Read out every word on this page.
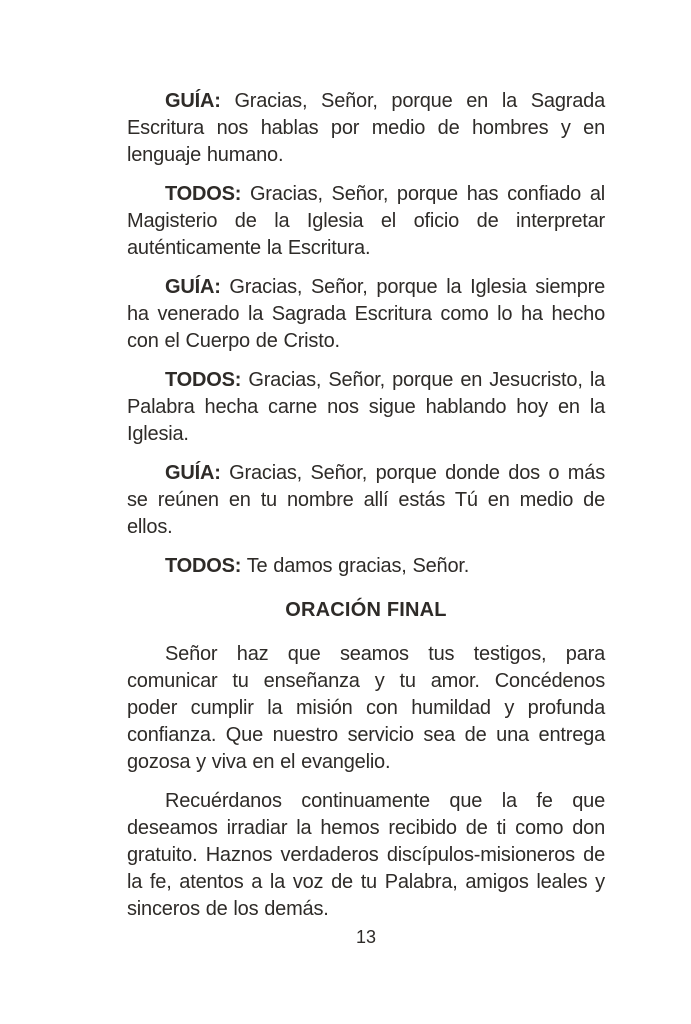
GUÍA: Gracias, Señor, porque en la Sagrada Escritura nos hablas por medio de hombres y en lenguaje humano.

TODOS: Gracias, Señor, porque has confiado al Magisterio de la Iglesia el oficio de interpretar auténticamente la Escritura.

GUÍA: Gracias, Señor, porque la Iglesia siempre ha venerado la Sagrada Escritura como lo ha hecho con el Cuerpo de Cristo.

TODOS: Gracias, Señor, porque en Jesucristo, la Palabra hecha carne nos sigue hablando hoy en la Iglesia.

GUÍA: Gracias, Señor, porque donde dos o más se reúnen en tu nombre allí estás Tú en medio de ellos.

TODOS: Te damos gracias, Señor.

ORACIÓN FINAL

Señor haz que seamos tus testigos, para comunicar tu enseñanza y tu amor. Concédenos poder cumplir la misión con humildad y profunda confianza. Que nuestro servicio sea de una entrega gozosa y viva en el evangelio.

Recuérdanos continuamente que la fe que deseamos irradiar la hemos recibido de ti como don gratuito. Haznos verdaderos discípulos-misioneros de la fe, atentos a la voz de tu Palabra, amigos leales y sinceros de los demás.

13
